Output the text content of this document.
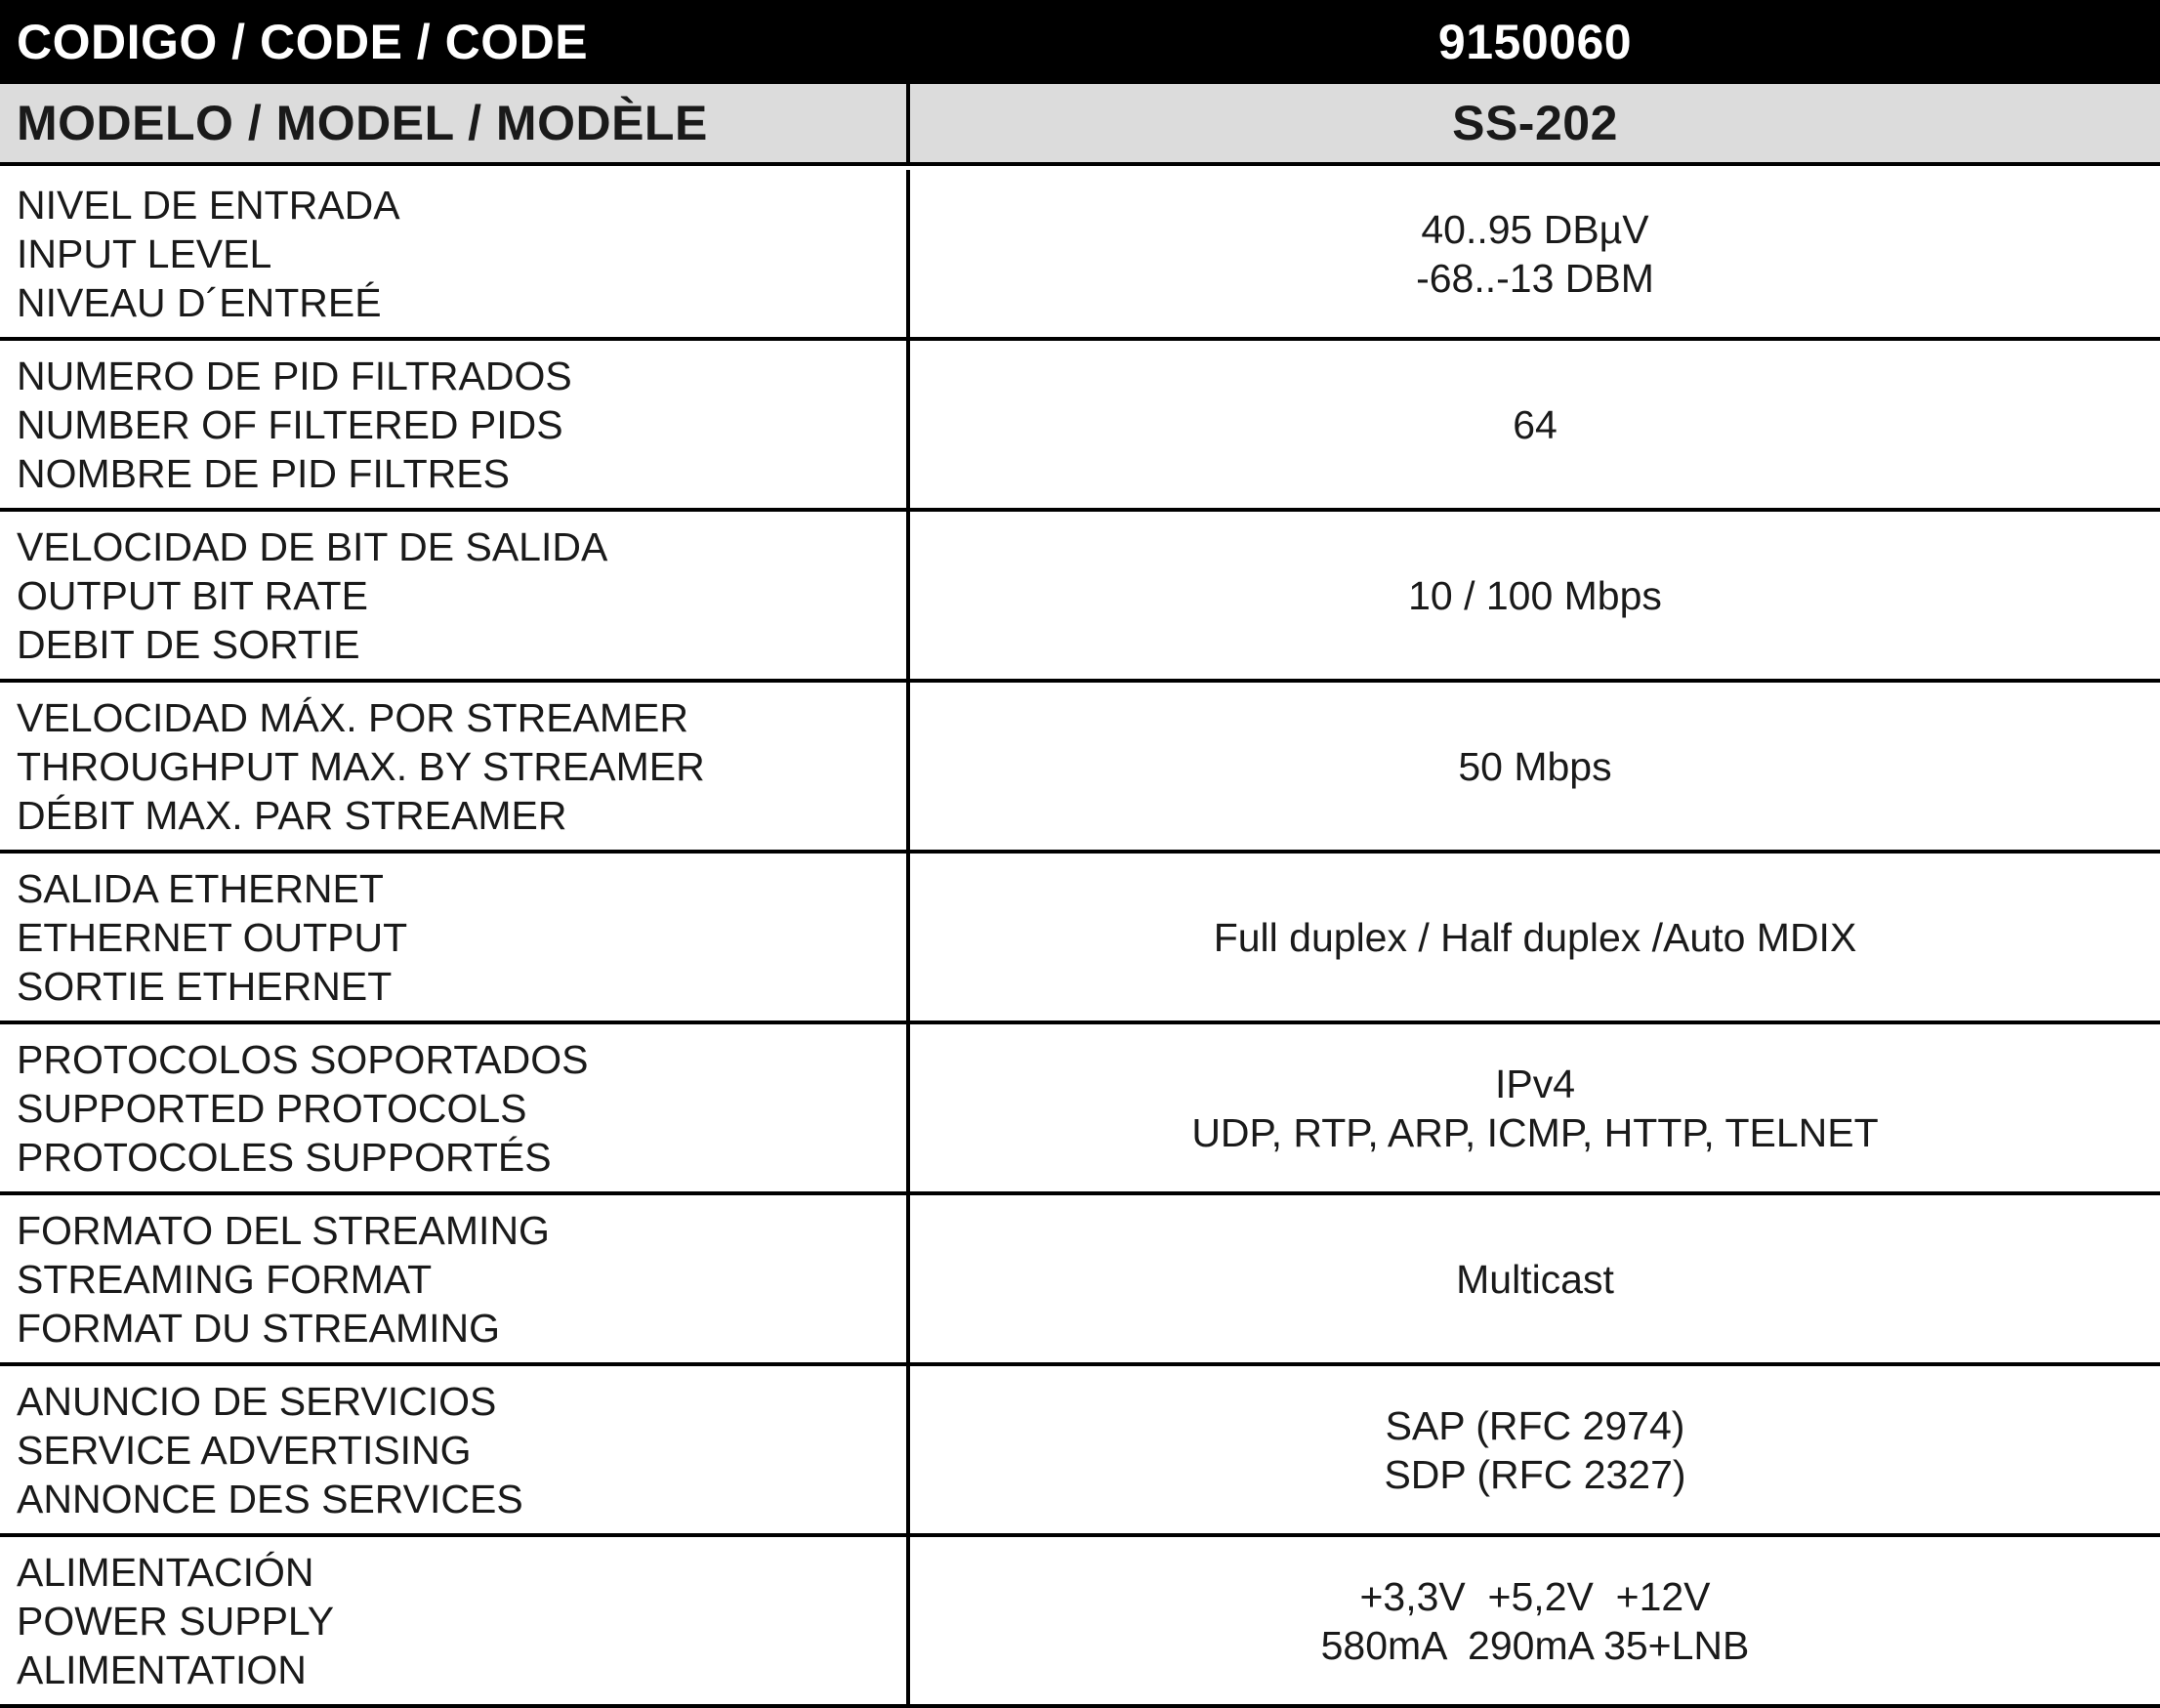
CODIGO / CODE / CODE	9150060
MODELO / MODEL / MODÈLE	SS-202
NIVEL DE ENTRADA
INPUT LEVEL
NIVEAU D´ENTREÉ
40..95 DBµV
-68..-13 DBM
NUMERO DE PID FILTRADOS
NUMBER OF FILTERED PIDS
NOMBRE DE PID FILTRES
64
VELOCIDAD DE BIT DE SALIDA
OUTPUT BIT RATE
DEBIT DE SORTIE
10 / 100 Mbps
VELOCIDAD MÁX. POR STREAMER
THROUGHPUT MAX. BY STREAMER
DÉBIT MAX. PAR STREAMER
50 Mbps
SALIDA ETHERNET
ETHERNET OUTPUT
SORTIE ETHERNET
Full duplex / Half duplex /Auto MDIX
PROTOCOLOS SOPORTADOS
SUPPORTED PROTOCOLS
PROTOCOLES SUPPORTÉS
IPv4
UDP, RTP, ARP, ICMP, HTTP, TELNET
FORMATO DEL STREAMING
STREAMING FORMAT
FORMAT DU STREAMING
Multicast
ANUNCIO DE SERVICIOS
SERVICE ADVERTISING
ANNONCE DES SERVICES
SAP (RFC 2974)
SDP (RFC 2327)
ALIMENTACIÓN
POWER SUPPLY
ALIMENTATION
+3,3V  +5,2V  +12V
580mA  290mA 35+LNB
